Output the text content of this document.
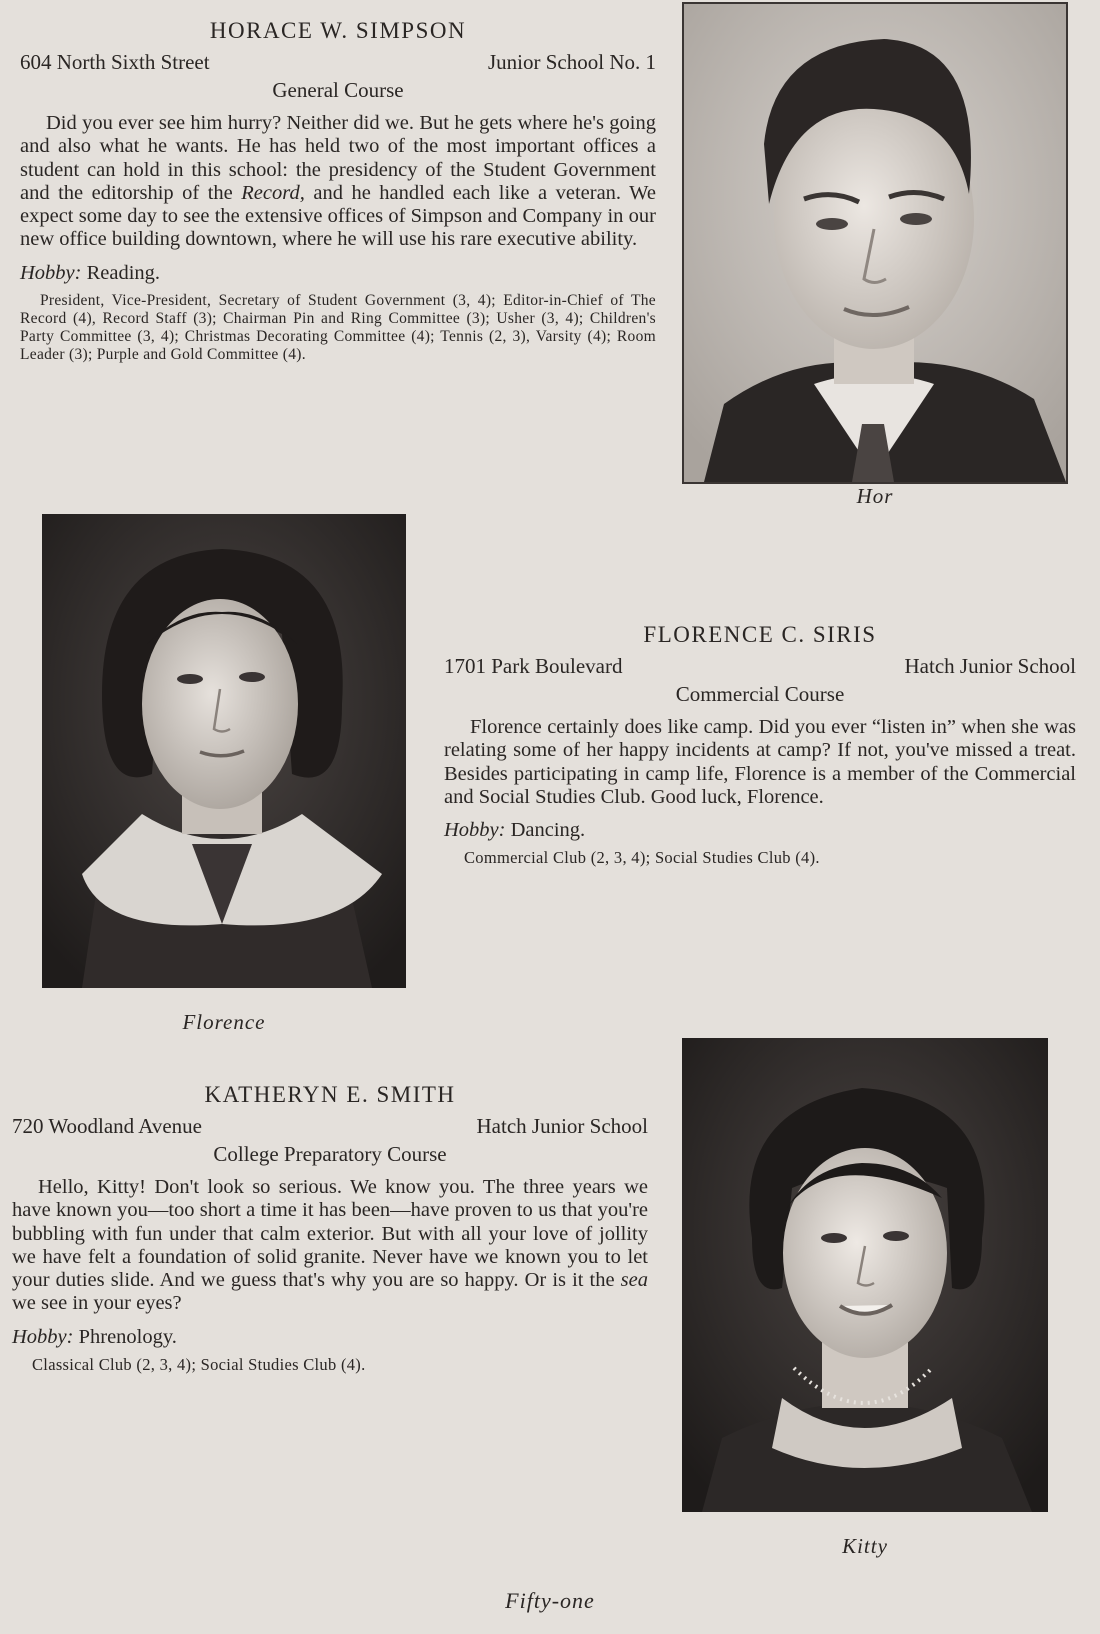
HORACE W. SIMPSON
604 North Sixth Street	Junior School No. 1
General Course

Did you ever see him hurry? Neither did we. But he gets where he's going and also what he wants. He has held two of the most important offices a student can hold in this school: the presidency of the Student Government and the editorship of the Record, and he handled each like a veteran. We expect some day to see the extensive offices of Simpson and Company in our new office building downtown, where he will use his rare executive ability.

Hobby: Reading.
President, Vice-President, Secretary of Student Government (3, 4); Editor-in-Chief of The Record (4), Record Staff (3); Chairman Pin and Ring Committee (3); Usher (3, 4); Children's Party Committee (3, 4); Christmas Decorating Committee (4); Tennis (2, 3), Varsity (4); Room Leader (3); Purple and Gold Committee (4).
Hor
Florence
FLORENCE C. SIRIS
1701 Park Boulevard	Hatch Junior School
Commercial Course

Florence certainly does like camp. Did you ever “listen in” when she was relating some of her happy incidents at camp? If not, you've missed a treat. Besides participating in camp life, Florence is a member of the Commercial and Social Studies Club. Good luck, Florence.

Hobby: Dancing.
Commercial Club (2, 3, 4); Social Studies Club (4).
KATHERYN E. SMITH
720 Woodland Avenue	Hatch Junior School
College Preparatory Course

Hello, Kitty! Don't look so serious. We know you. The three years we have known you—too short a time it has been—have proven to us that you're bubbling with fun under that calm exterior. But with all your love of jollity we have felt a foundation of solid granite. Never have we known you to let your duties slide. And we guess that's why you are so happy. Or is it the sea we see in your eyes?

Hobby: Phrenology.
Classical Club (2, 3, 4); Social Studies Club (4).
Kitty
Fifty-one
